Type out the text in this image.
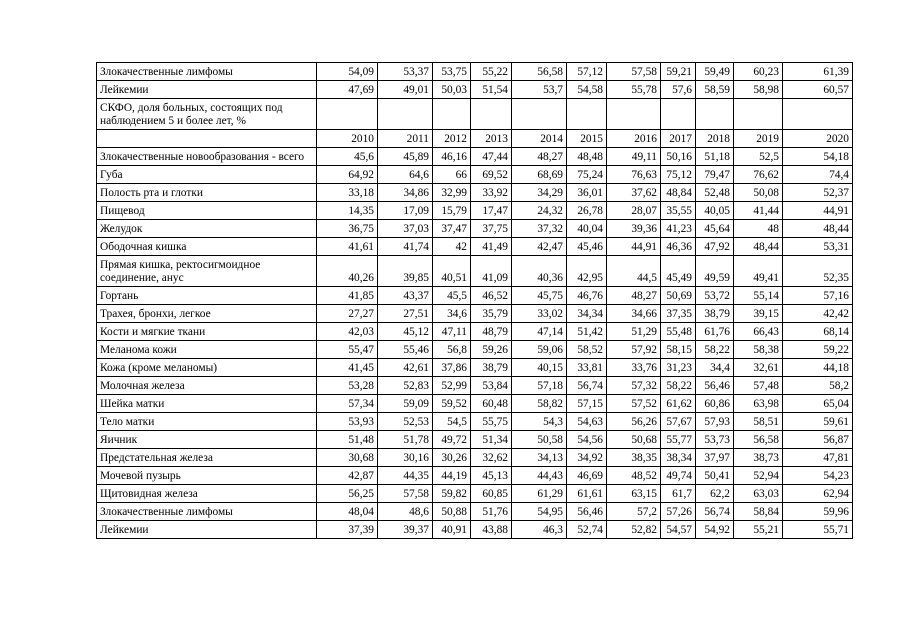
Злокачественные лимфомы	54,09	53,37	53,75	55,22	56,58	57,12	57,58	59,21	59,49	60,23	61,39
Лейкемии	47,69	49,01	50,03	51,54	53,7	54,58	55,78	57,6	58,59	58,98	60,57
СКФО, доля больных, состоящих под наблюдением 5 и более лет, %											
	2010	2011	2012	2013	2014	2015	2016	2017	2018	2019	2020
Злокачественные новообразования - всего	45,6	45,89	46,16	47,44	48,27	48,48	49,11	50,16	51,18	52,5	54,18
Губа	64,92	64,6	66	69,52	68,69	75,24	76,63	75,12	79,47	76,62	74,4
Полость рта и глотки	33,18	34,86	32,99	33,92	34,29	36,01	37,62	48,84	52,48	50,08	52,37
Пищевод	14,35	17,09	15,79	17,47	24,32	26,78	28,07	35,55	40,05	41,44	44,91
Желудок	36,75	37,03	37,47	37,75	37,32	40,04	39,36	41,23	45,64	48	48,44
Ободочная кишка	41,61	41,74	42	41,49	42,47	45,46	44,91	46,36	47,92	48,44	53,31
Прямая кишка, ректосигмоидное соединение, анус	40,26	39,85	40,51	41,09	40,36	42,95	44,5	45,49	49,59	49,41	52,35
Гортань	41,85	43,37	45,5	46,52	45,75	46,76	48,27	50,69	53,72	55,14	57,16
Трахея, бронхи, легкое	27,27	27,51	34,6	35,79	33,02	34,34	34,66	37,35	38,79	39,15	42,42
Кости и мягкие ткани	42,03	45,12	47,11	48,79	47,14	51,42	51,29	55,48	61,76	66,43	68,14
Меланома кожи	55,47	55,46	56,8	59,26	59,06	58,52	57,92	58,15	58,22	58,38	59,22
Кожа (кроме меланомы)	41,45	42,61	37,86	38,79	40,15	33,81	33,76	31,23	34,4	32,61	44,18
Молочная железа	53,28	52,83	52,99	53,84	57,18	56,74	57,32	58,22	56,46	57,48	58,2
Шейка матки	57,34	59,09	59,52	60,48	58,82	57,15	57,52	61,62	60,86	63,98	65,04
Тело матки	53,93	52,53	54,5	55,75	54,3	54,63	56,26	57,67	57,93	58,51	59,61
Яичник	51,48	51,78	49,72	51,34	50,58	54,56	50,68	55,77	53,73	56,58	56,87
Предстательная железа	30,68	30,16	30,26	32,62	34,13	34,92	38,35	38,34	37,97	38,73	47,81
Мочевой пузырь	42,87	44,35	44,19	45,13	44,43	46,69	48,52	49,74	50,41	52,94	54,23
Щитовидная железа	56,25	57,58	59,82	60,85	61,29	61,61	63,15	61,7	62,2	63,03	62,94
Злокачественные лимфомы	48,04	48,6	50,88	51,76	54,95	56,46	57,2	57,26	56,74	58,84	59,96
Лейкемии	37,39	39,37	40,91	43,88	46,3	52,74	52,82	54,57	54,92	55,21	55,71
